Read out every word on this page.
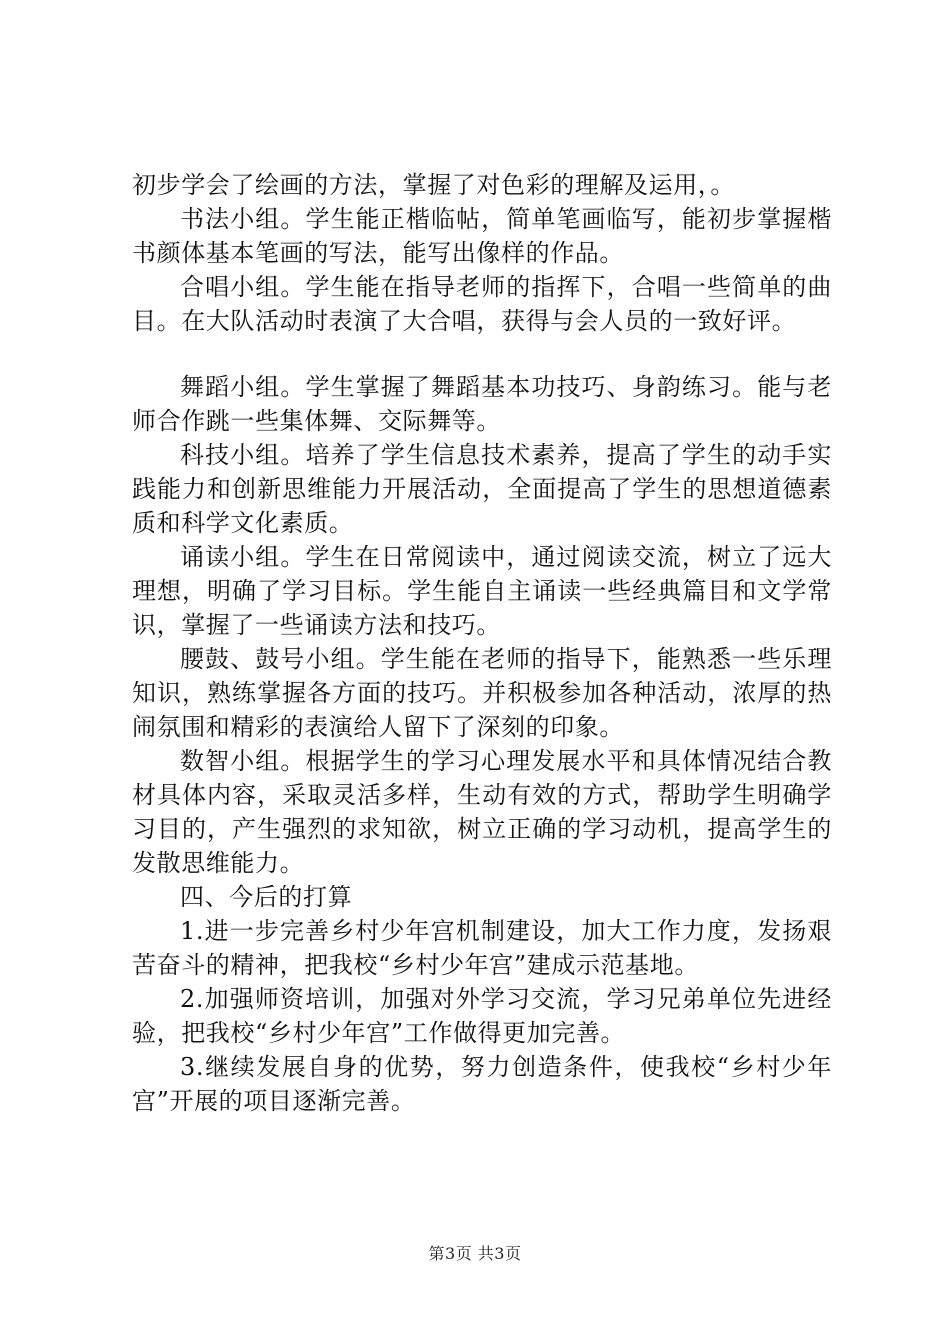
初步学会了绘画的方法，掌握了对色彩的理解及运用，。

书法小组。学生能正楷临帖，简单笔画临写，能初步掌握楷书颜体基本笔画的写法，能写出像样的作品。

合唱小组。学生能在指导老师的指挥下，合唱一些简单的曲目。在大队活动时表演了大合唱，获得与会人员的一致好评。

舞蹈小组。学生掌握了舞蹈基本功技巧、身韵练习。能与老师合作跳一些集体舞、交际舞等。

科技小组。培养了学生信息技术素养，提高了学生的动手实践能力和创新思维能力开展活动，全面提高了学生的思想道德素质和科学文化素质。

诵读小组。学生在日常阅读中，通过阅读交流，树立了远大理想，明确了学习目标。学生能自主诵读一些经典篇目和文学常识，掌握了一些诵读方法和技巧。

腰鼓、鼓号小组。学生能在老师的指导下，能熟悉一些乐理知识，熟练掌握各方面的技巧。并积极参加各种活动，浓厚的热闹氛围和精彩的表演给人留下了深刻的印象。

数智小组。根据学生的学习心理发展水平和具体情况结合教材具体内容，采取灵活多样，生动有效的方式，帮助学生明确学习目的，产生强烈的求知欲，树立正确的学习动机，提高学生的发散思维能力。

四、今后的打算

1.进一步完善乡村少年宫机制建设，加大工作力度，发扬艰苦奋斗的精神，把我校“乡村少年宫”建成示范基地。

2.加强师资培训，加强对外学习交流，学习兄弟单位先进经验，把我校“乡村少年宫”工作做得更加完善。

3.继续发展自身的优势，努力创造条件，使我校“乡村少年宫”开展的项目逐渐完善。

第3页 共3页
